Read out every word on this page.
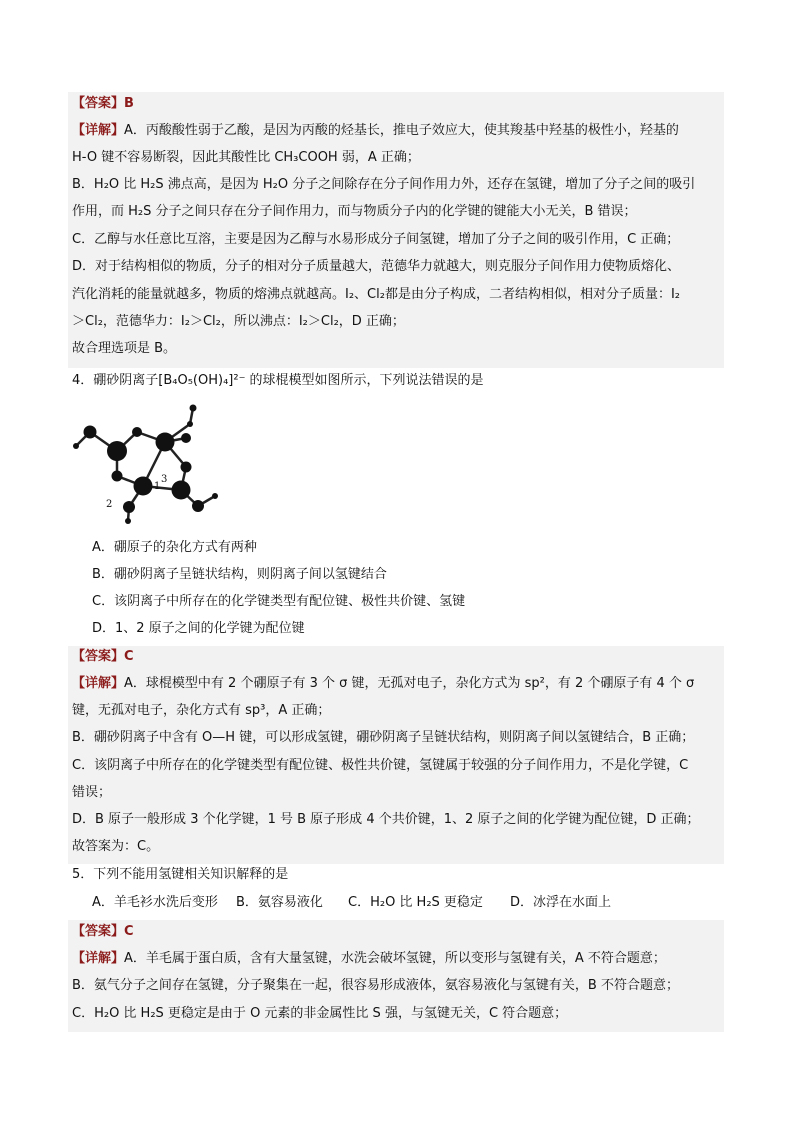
【答案】B
【详解】A．丙酸酸性弱于乙酸，是因为丙酸的烃基长，推电子效应大，使其羧基中羟基的极性小，羟基的
H-O 键不容易断裂，因此其酸性比 CH₃COOH 弱，A 正确；
B．H₂O 比 H₂S 沸点高，是因为 H₂O 分子之间除存在分子间作用力外，还存在氢键，增加了分子之间的吸引
作用，而 H₂S 分子之间只存在分子间作用力，而与物质分子内的化学键的键能大小无关，B 错误；
C．乙醇与水任意比互溶，主要是因为乙醇与水易形成分子间氢键，增加了分子之间的吸引作用，C 正确；
D．对于结构相似的物质，分子的相对分子质量越大，范德华力就越大，则克服分子间作用力使物质熔化、
汽化消耗的能量就越多，物质的熔沸点就越高。I₂、Cl₂都是由分子构成，二者结构相似，相对分子质量：I₂
＞Cl₂，范德华力：I₂＞Cl₂，所以沸点：I₂＞Cl₂，D 正确；
故合理选项是 B。
4．硼砂阴离子[B₄O₅(OH)₄]²⁻ 的球棍模型如图所示，下列说法错误的是
1
2
3
A．硼原子的杂化方式有两种
B．硼砂阴离子呈链状结构，则阴离子间以氢键结合
C．该阴离子中所存在的化学键类型有配位键、极性共价键、氢键
D．1、2 原子之间的化学键为配位键
【答案】C
【详解】A．球棍模型中有 2 个硼原子有 3 个 σ 键，无孤对电子，杂化方式为 sp²，有 2 个硼原子有 4 个 σ
键，无孤对电子，杂化方式有 sp³，A 正确；
B．硼砂阴离子中含有 O—H 键，可以形成氢键，硼砂阴离子呈链状结构，则阴离子间以氢键结合，B 正确；
C．该阴离子中所存在的化学键类型有配位键、极性共价键，氢键属于较强的分子间作用力，不是化学键，C
错误；
D．B 原子一般形成 3 个化学键，1 号 B 原子形成 4 个共价键，1、2 原子之间的化学键为配位键，D 正确；
故答案为：C。
5．下列不能用氢键相关知识解释的是
A．羊毛衫水洗后变形 B．氨容易液化 C．H₂O 比 H₂S 更稳定 D．冰浮在水面上
【答案】C
【详解】A．羊毛属于蛋白质，含有大量氢键，水洗会破坏氢键，所以变形与氢键有关，A 不符合题意；
B．氨气分子之间存在氢键，分子聚集在一起，很容易形成液体，氨容易液化与氢键有关，B 不符合题意；
C．H₂O 比 H₂S 更稳定是由于 O 元素的非金属性比 S 强，与氢键无关，C 符合题意；
